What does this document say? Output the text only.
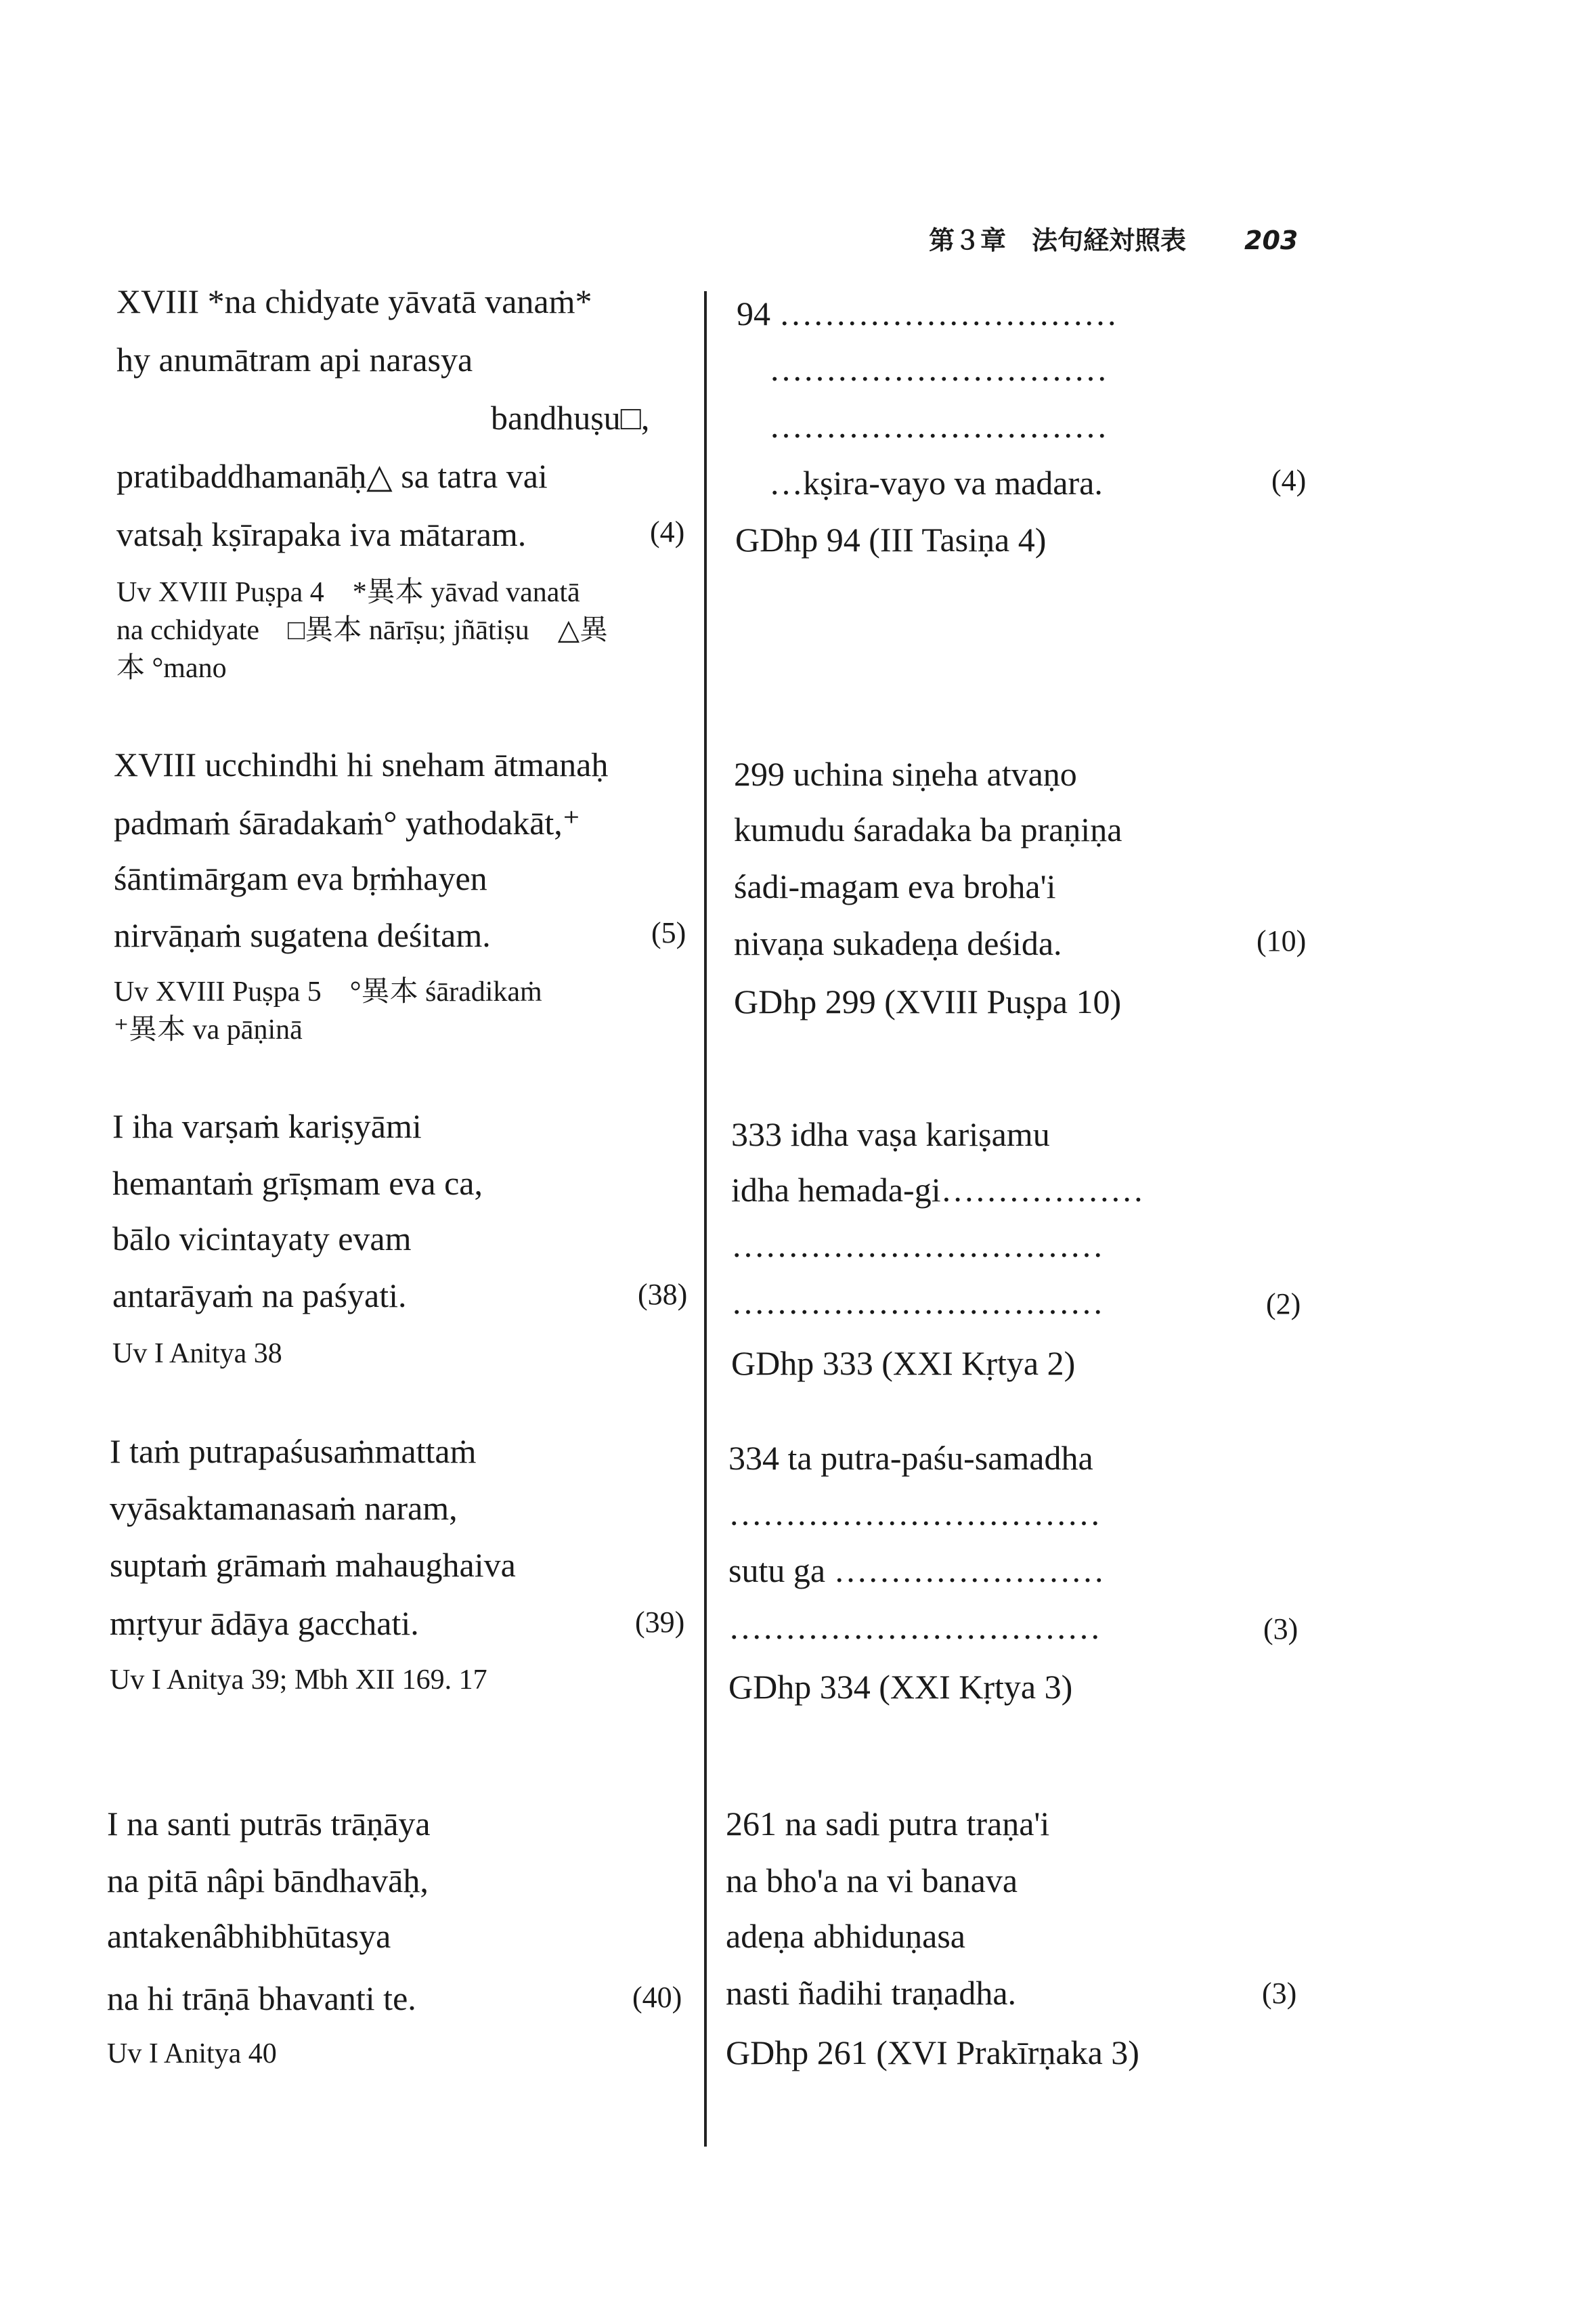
第３章　法句経対照表 203
XVIII *na chidyate yāvatā vanaṁ*
hy anumātram api narasya
bandhuṣu□,
pratibaddhamanāḥ△ sa tatra vai
vatsaḥ kṣīrapaka iva mātaram.	(4)
Uv XVIII Puṣpa 4　*異本 yāvad vanatā
na cchidyate　□異本 nārīṣu; jñātiṣu　△異
本 °mano
94 …………………………
…………………………
…………………………
…kṣira-vayo va madara.	(4)
GDhp 94 (III Tasiṇa 4)
XVIII ucchindhi hi sneham ātmanaḥ
padmaṁ śāradakaṁ° yathodakāt,⁺
śāntimārgam eva bṛṁhayen
nirvāṇaṁ sugatena deśitam.	(5)
Uv XVIII Puṣpa 5　°異本 śāradikaṁ
⁺異本 va pāṇinā
299 uchina siṇeha atvaṇo
kumudu śaradaka ba praṇiṇa
śadi-magam eva broha'i
nivaṇa sukadeṇa deśida.	(10)
GDhp 299 (XVIII Puṣpa 10)
I iha varṣaṁ kariṣyāmi
hemantaṁ grīṣmam eva ca,
bālo vicintayaty evam
antarāyaṁ na paśyati.	(38)
Uv I Anitya 38
333 idha vaṣa kariṣamu
idha hemada-gi………………
……………………………
……………………………	(2)
GDhp 333 (XXI Kṛtya 2)
I taṁ putrapaśusaṁmattaṁ
vyāsaktamanasaṁ naram,
suptaṁ grāmaṁ mahaughaiva
mṛtyur ādāya gacchati.	(39)
Uv I Anitya 39; Mbh XII 169. 17
334 ta putra-paśu-samadha
……………………………
sutu ga ……………………
……………………………	(3)
GDhp 334 (XXI Kṛtya 3)
I na santi putrās trāṇāya
na pitā nâpi bāndhavāḥ,
antakenâbhibhūtasya
na hi trāṇā bhavanti te.	(40)
Uv I Anitya 40
261 na sadi putra traṇa'i
na bho'a na vi banava
adeṇa abhiduṇasa
nasti ñadihi traṇadha.	(3)
GDhp 261 (XVI Prakīrṇaka 3)
